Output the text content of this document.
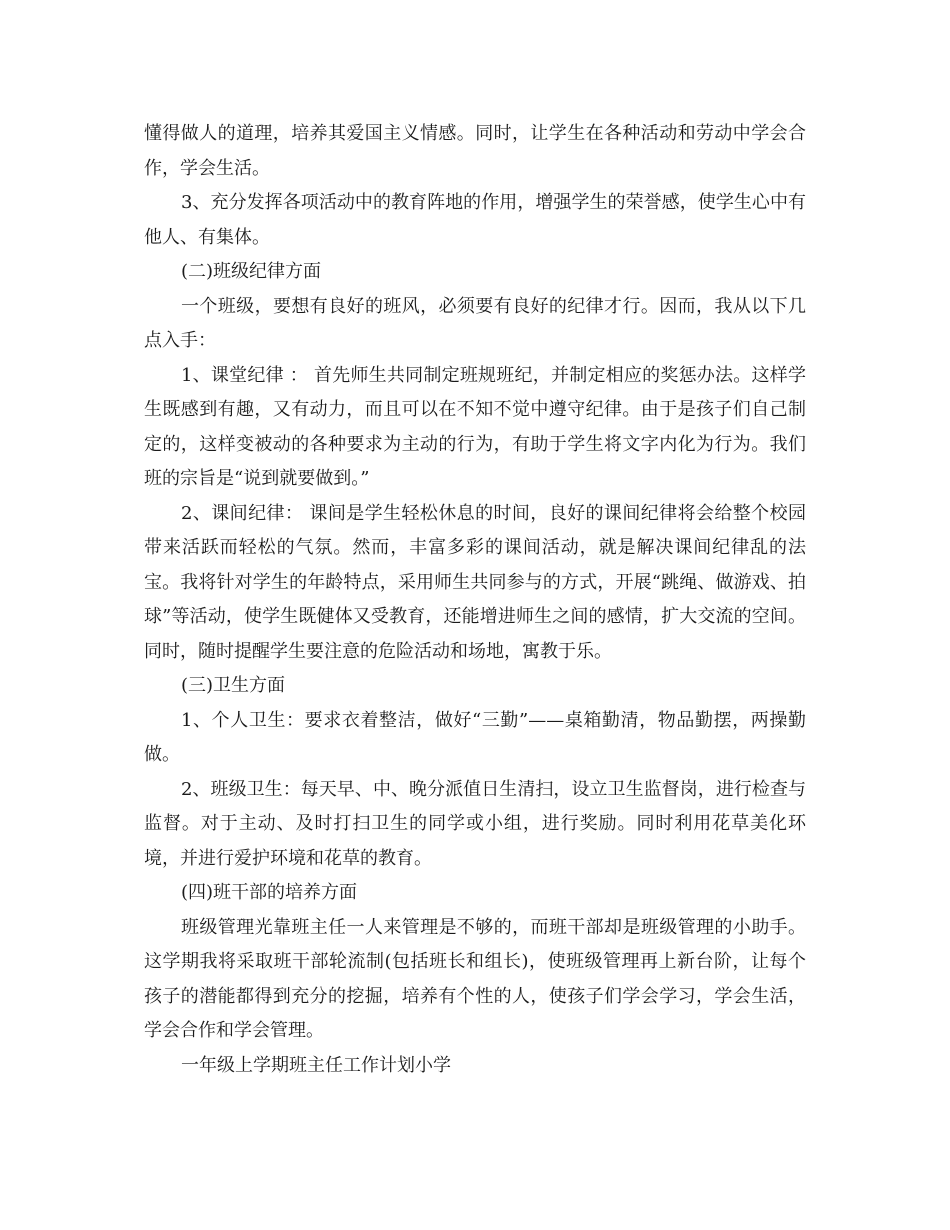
懂得做人的道理，培养其爱国主义情感。同时，让学生在各种活动和劳动中学会合作，学会生活。

3、充分发挥各项活动中的教育阵地的作用，增强学生的荣誉感，使学生心中有他人、有集体。

(二)班级纪律方面

一个班级，要想有良好的班风，必须要有良好的纪律才行。因而，我从以下几点入手：

1、课堂纪律 ： 首先师生共同制定班规班纪，并制定相应的奖惩办法。这样学生既感到有趣，又有动力，而且可以在不知不觉中遵守纪律。由于是孩子们自己制定的，这样变被动的各种要求为主动的行为，有助于学生将文字内化为行为。我们班的宗旨是“说到就要做到。”

2、课间纪律： 课间是学生轻松休息的时间，良好的课间纪律将会给整个校园带来活跃而轻松的气氛。然而，丰富多彩的课间活动，就是解决课间纪律乱的法宝。我将针对学生的年龄特点，采用师生共同参与的方式，开展“跳绳、做游戏、拍球”等活动，使学生既健体又受教育，还能增进师生之间的感情，扩大交流的空间。同时，随时提醒学生要注意的危险活动和场地，寓教于乐。

(三)卫生方面

1、个人卫生：要求衣着整洁，做好“三勤”——桌箱勤清，物品勤摆，两操勤做。

2、班级卫生：每天早、中、晚分派值日生清扫，设立卫生监督岗，进行检查与监督。对于主动、及时打扫卫生的同学或小组，进行奖励。同时利用花草美化环境，并进行爱护环境和花草的教育。

(四)班干部的培养方面

班级管理光靠班主任一人来管理是不够的，而班干部却是班级管理的小助手。这学期我将采取班干部轮流制(包括班长和组长)，使班级管理再上新台阶，让每个孩子的潜能都得到充分的挖掘，培养有个性的人，使孩子们学会学习，学会生活，学会合作和学会管理。

一年级上学期班主任工作计划小学
